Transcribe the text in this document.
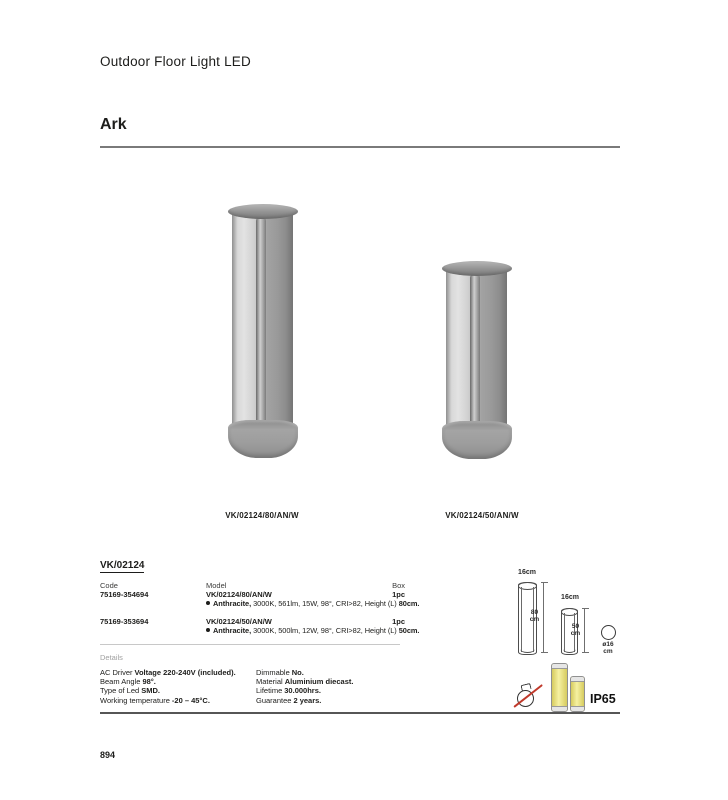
Outdoor Floor Light LED
Ark
VK/02124/80/AN/W	VK/02124/50/AN/W
VK/02124
Code	Model	Box
75169-354694	VK/02124/80/AN/W	1pc
Anthracite, 3000K, 561lm, 15W, 98°, CRI>82, Height (L) 80cm.
75169-353694	VK/02124/50/AN/W	1pc
Anthracite, 3000K, 500lm, 12W, 98°, CRI>82, Height (L) 50cm.
Details
AC Driver Voltage 220-240V (included).
Beam Angle 98°.
Type of Led SMD.
Working temperature -20 – 45°C.
Dimmable No.
Material Aluminium diecast.
Lifetime 30.000hrs.
Guarantee 2 years.
894
16cm
80
cm
16cm
50
cm
ø16
cm
IP65
